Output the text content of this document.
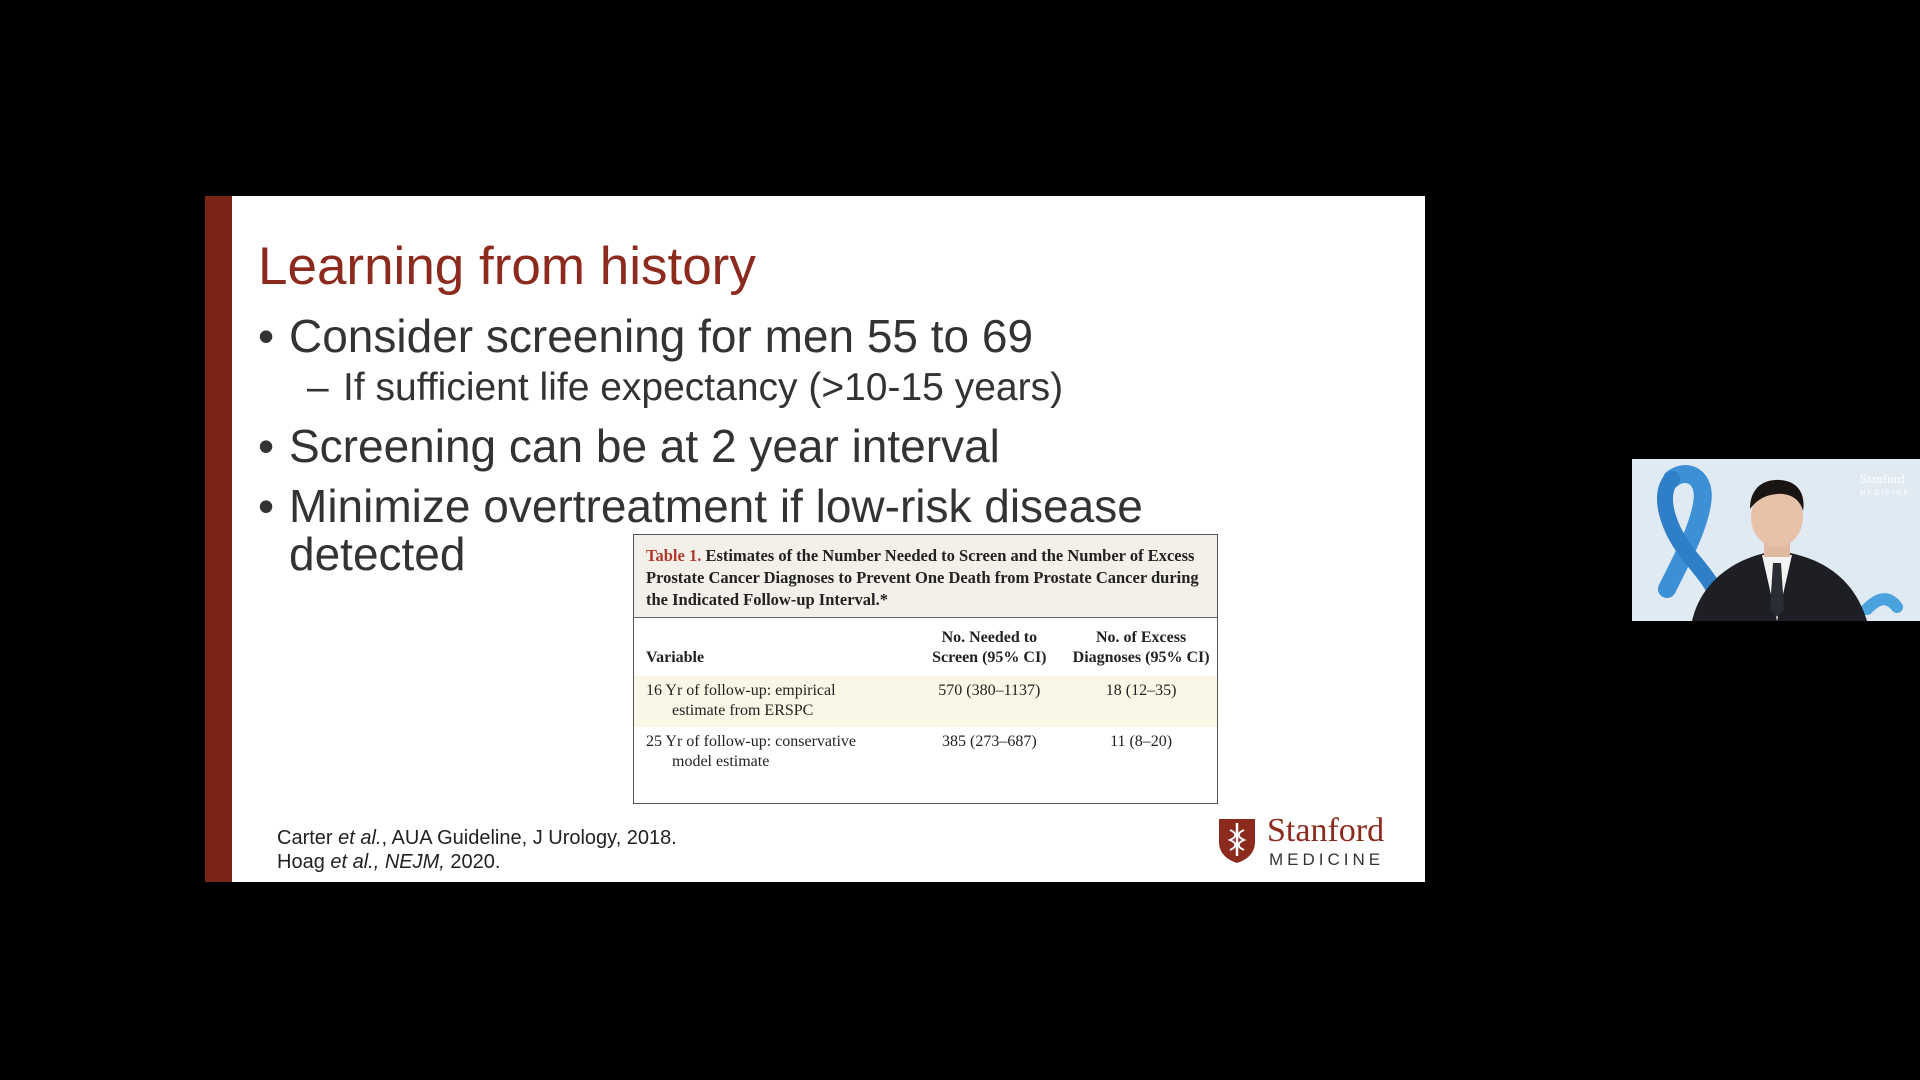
Learning from history
• Consider screening for men 55 to 69
– If sufficient life expectancy (>10-15 years)
• Screening can be at 2 year interval
• Minimize overtreatment if low-risk disease detected	Table 1. Estimates of the Number Needed to Screen and the Number of Excess Prostate Cancer Diagnoses to Prevent One Death from Prostate Cancer during the Indicated Follow-up Interval.*
Variable	No. Needed to Screen (95% CI)	No. of Excess Diagnoses (95% CI)

16 Yr of follow-up: empirical
estimate from ERSPC	570 (380–1137)	18 (12–35)

25 Yr of follow-up: conservative
model estimate	385 (273–687)	11 (8–20)
Carter et al., AUA Guideline, J Urology, 2018.
Hoag et al., NEJM, 2020.
Stanford
MEDICINE
Stanford
MEDICINE
